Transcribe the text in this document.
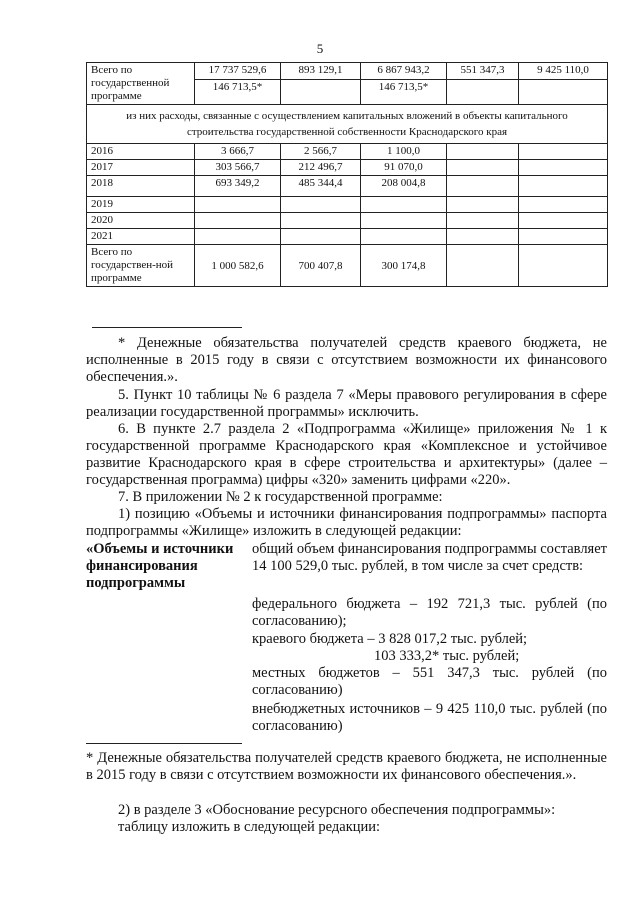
5
Всего по государственной программе	17 737 529,6	893 129,1	6 867 943,2	551 347,3	9 425 110,0
	146 713,5*		146 713,5*		
из них расходы, связанные с осуществлением капитальных вложений в объекты капитального строительства государственной собственности Краснодарского края					
2016	3 666,7	2 566,7	1 100,0		
2017	303 566,7	212 496,7	91 070,0		
2018	693 349,2	485 344,4	208 004,8		
2019					
2020					
2021					
Всего по государствен-ной программе	1 000 582,6	700 407,8	300 174,8		
* Денежные обязательства получателей средств краевого бюджета, не исполненные в 2015 году в связи с отсутствием возможности их финансового обеспечения.».
5. Пункт 10 таблицы № 6 раздела 7 «Меры правового регулирования в сфере реализации государственной программы» исключить.
6. В пункте 2.7 раздела 2 «Подпрограмма «Жилище» приложения № 1 к государственной программе Краснодарского края «Комплексное и устойчивое развитие Краснодарского края в сфере строительства и архитектуры» (далее – государственная программа) цифры «320» заменить цифрами «220».
7. В приложении № 2 к государственной программе:
1) позицию «Объемы и источники финансирования подпрограммы» паспорта подпрограммы «Жилище» изложить в следующей редакции:
«Объемы и источники финансирования подпрограммы
общий объем финансирования подпрограммы составляет 14 100 529,0 тыс. рублей, в том числе за счет средств:
федерального бюджета – 192 721,3 тыс. рублей (по согласованию);
краевого бюджета – 3 828 017,2 тыс. рублей;
103 333,2* тыс. рублей;
местных бюджетов – 551 347,3 тыс. рублей (по согласованию)
внебюджетных источников – 9 425 110,0 тыс. рублей (по согласованию)
* Денежные обязательства получателей средств краевого бюджета, не исполненные в 2015 году в связи с отсутствием возможности их финансового обеспечения.».
2) в разделе 3 «Обоснование ресурсного обеспечения подпрограммы»:
таблицу изложить в следующей редакции:
